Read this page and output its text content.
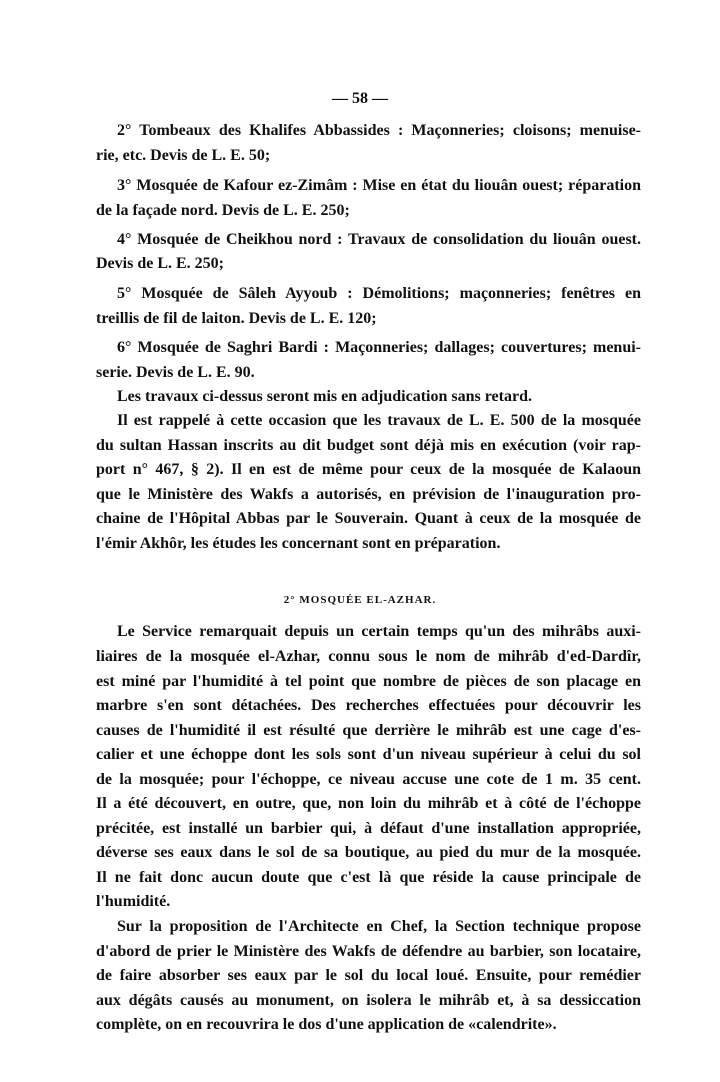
— 58 —
2° Tombeaux des Khalifes Abbassides : Maçonneries; cloisons; menuise-
rie, etc. Devis de L. E. 50;
3° Mosquée de Kafour ez-Zimâm : Mise en état du liouân ouest; réparation
de la façade nord. Devis de L. E. 250;
4° Mosquée de Cheikhou nord : Travaux de consolidation du liouân ouest.
Devis de L. E. 250;
5° Mosquée de Sâleh Ayyoub : Démolitions; maçonneries; fenêtres en
treillis de fil de laiton. Devis de L. E. 120;
6° Mosquée de Saghri Bardi : Maçonneries; dallages; couvertures; menui-
serie. Devis de L. E. 90.
Les travaux ci-dessus seront mis en adjudication sans retard.
Il est rappelé à cette occasion que les travaux de L. E. 500 de la mosquée
du sultan Hassan inscrits au dit budget sont déjà mis en exécution (voir rap-
port n° 467, § 2). Il en est de même pour ceux de la mosquée de Kalaoun
que le Ministère des Wakfs a autorisés, en prévision de l'inauguration pro-
chaine de l'Hôpital Abbas par le Souverain. Quant à ceux de la mosquée de
l'émir Akhôr, les études les concernant sont en préparation.
2° MOSQUÉE EL-AZHAR.
Le Service remarquait depuis un certain temps qu'un des mihrâbs auxi-
liaires de la mosquée el-Azhar, connu sous le nom de mihrâb d'ed-Dardîr,
est miné par l'humidité à tel point que nombre de pièces de son placage en
marbre s'en sont détachées. Des recherches effectuées pour découvrir les
causes de l'humidité il est résulté que derrière le mihrâb est une cage d'es-
calier et une échoppe dont les sols sont d'un niveau supérieur à celui du sol
de la mosquée; pour l'échoppe, ce niveau accuse une cote de 1 m. 35 cent.
Il a été découvert, en outre, que, non loin du mihrâb et à côté de l'échoppe
précitée, est installé un barbier qui, à défaut d'une installation appropriée,
déverse ses eaux dans le sol de sa boutique, au pied du mur de la mosquée.
Il ne fait donc aucun doute que c'est là que réside la cause principale de
l'humidité.
Sur la proposition de l'Architecte en Chef, la Section technique propose
d'abord de prier le Ministère des Wakfs de défendre au barbier, son locataire,
de faire absorber ses eaux par le sol du local loué. Ensuite, pour remédier
aux dégâts causés au monument, on isolera le mihrâb et, à sa dessiccation
complète, on en recouvrira le dos d'une application de «calendrite».
